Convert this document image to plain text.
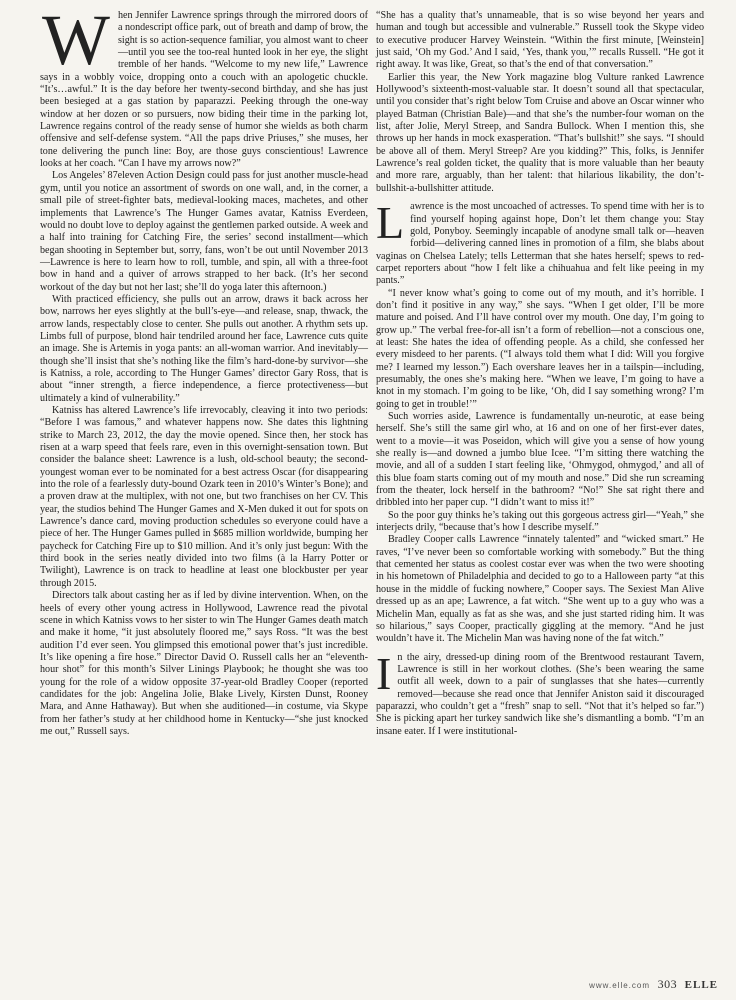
When Jennifer Lawrence springs through the mirrored doors of a nondescript office park, out of breath and damp of brow, the sight is so action-sequence familiar, you almost want to cheer—until you see the too-real hunted look in her eye, the slight tremble of her hands. “Welcome to my new life,” Lawrence says in a wobbly voice, dropping onto a couch with an apologetic chuckle. “It’s…awful.” It is the day before her twenty-second birthday, and she has just been besieged at a gas station by paparazzi. Peeking through the one-way window at her dozen or so pursuers, now biding their time in the parking lot, Lawrence regains control of the ready sense of humor she wields as both charm offensive and self-defense system. “All the paps drive Priuses,” she muses, her tone delivering the punch line: Boy, are those guys conscientious! Lawrence looks at her coach. “Can I have my arrows now?”

Los Angeles’ 87eleven Action Design could pass for just another muscle-head gym, until you notice an assortment of swords on one wall, and, in the corner, a small pile of street-fighter bats, medieval-looking maces, machetes, and other implements that Lawrence’s The Hunger Games avatar, Katniss Everdeen, would no doubt love to deploy against the gentlemen parked outside. A week and a half into training for Catching Fire, the series’ second installment—which began shooting in September but, sorry, fans, won’t be out until November 2013—Lawrence is here to learn how to roll, tumble, and spin, all with a three-foot bow in hand and a quiver of arrows strapped to her back. (It’s her second workout of the day but not her last; she’ll do yoga later this afternoon.)

With practiced efficiency, she pulls out an arrow, draws it back across her bow, narrows her eyes slightly at the bull’s-eye—and release, snap, thwack, the arrow lands, respectably close to center. She pulls out another. A rhythm sets up. Limbs full of purpose, blond hair tendriled around her face, Lawrence cuts quite an image. She is Artemis in yoga pants: an all-woman warrior. And inevitably—though she’ll insist that she’s nothing like the film’s hard-done-by survivor—she is Katniss, a role, according to The Hunger Games’ director Gary Ross, that is about “inner strength, a fierce independence, a fierce protectiveness—but ultimately a kind of vulnerability.”

Katniss has altered Lawrence’s life irrevocably, cleaving it into two periods: “Before I was famous,” and whatever happens now. She dates this lightning strike to March 23, 2012, the day the movie opened. Since then, her stock has risen at a warp speed that feels rare, even in this overnight-sensation town. But consider the balance sheet: Lawrence is a lush, old-school beauty; the second-youngest woman ever to be nominated for a best actress Oscar (for disappearing into the role of a fearlessly duty-bound Ozark teen in 2010’s Winter’s Bone); and a proven draw at the multiplex, with not one, but two franchises on her CV. This year, the studios behind The Hunger Games and X-Men duked it out for spots on Lawrence’s dance card, moving production schedules so everyone could have a piece of her. The Hunger Games pulled in $685 million worldwide, bumping her paycheck for Catching Fire up to $10 million. And it’s only just begun: With the third book in the series neatly divided into two films (à la Harry Potter or Twilight), Lawrence is on track to headline at least one blockbuster per year through 2015.

Directors talk about casting her as if led by divine intervention. When, on the heels of every other young actress in Hollywood, Lawrence read the pivotal scene in which Katniss vows to her sister to win The Hunger Games death match and make it home, “it just absolutely floored me,” says Ross. “It was the best audition I’d ever seen. You glimpsed this emotional power that’s just incredible. It’s like opening a fire hose.” Director David O. Russell calls her an “eleventh-hour shot” for this month’s Silver Linings Playbook; he thought she was too young for the role of a widow opposite 37-year-old Bradley Cooper (reported candidates for the job: Angelina Jolie, Blake Lively, Kirsten Dunst, Rooney Mara, and Anne Hathaway). But when she auditioned—in costume, via Skype from her father’s study at her childhood home in Kentucky—“she just knocked me out,” Russell says.

“She has a quality that’s unnameable, that is so wise beyond her years and human and tough but accessible and vulnerable.” Russell took the Skype video to executive producer Harvey Weinstein. “Within the first minute, [Weinstein] just said, ‘Oh my God.’ And I said, ‘Yes, thank you,’” recalls Russell. “He got it right away. It was like, Great, so that’s the end of that conversation.”

Earlier this year, the New York magazine blog Vulture ranked Lawrence Hollywood’s sixteenth-most-valuable star. It doesn’t sound all that spectacular, until you consider that’s right below Tom Cruise and above an Oscar winner who played Batman (Christian Bale)—and that she’s the number-four woman on the list, after Jolie, Meryl Streep, and Sandra Bullock. When I mention this, she throws up her hands in mock exasperation. “That’s bullshit!” she says. “I should be above all of them. Meryl Streep? Are you kidding?” This, folks, is Jennifer Lawrence’s real golden ticket, the quality that is more valuable than her beauty and more rare, arguably, than her talent: that hilarious likability, the don’t-bullshit-a-bullshitter attitude.

Lawrence is the most uncoached of actresses. To spend time with her is to find yourself hoping against hope, Don’t let them change you: Stay gold, Ponyboy. Seemingly incapable of anodyne small talk or—heaven forbid—delivering canned lines in promotion of a film, she blabs about vaginas on Chelsea Lately; tells Letterman that she hates herself; spews to red-carpet reporters about “how I felt like a chihuahua and felt like peeing in my pants.”

“I never know what’s going to come out of my mouth, and it’s horrible. I don’t find it positive in any way,” she says. “When I get older, I’ll be more mature and poised. And I’ll have control over my mouth. One day, I’m going to grow up.” The verbal free-for-all isn’t a form of rebellion—not a conscious one, at least: She hates the idea of offending people. As a child, she confessed her every misdeed to her parents. (“I always told them what I did: Will you forgive me? I learned my lesson.”) Each overshare leaves her in a tailspin—including, presumably, the ones she’s making here. “When we leave, I’m going to have a knot in my stomach. I’m going to be like, ‘Oh, did I say something wrong? I’m going to get in trouble!’”

Such worries aside, Lawrence is fundamentally un-neurotic, at ease being herself. She’s still the same girl who, at 16 and on one of her first-ever dates, went to a movie—it was Poseidon, which will give you a sense of how young she really is—and downed a jumbo blue Icee. “I’m sitting there watching the movie, and all of a sudden I start feeling like, ‘Ohmygod, ohmygod,’ and all of this blue foam starts coming out of my mouth and nose.” Did she run screaming from the theater, lock herself in the bathroom? “No!” She sat right there and dribbled into her paper cup. “I didn’t want to miss it!”

So the poor guy thinks he’s taking out this gorgeous actress girl—“Yeah,” she interjects drily, “because that’s how I describe myself.”

Bradley Cooper calls Lawrence “innately talented” and “wicked smart.” He raves, “I’ve never been so comfortable working with somebody.” But the thing that cemented her status as coolest costar ever was when the two were shooting in his hometown of Philadelphia and decided to go to a Halloween party “at this house in the middle of fucking nowhere,” Cooper says. The Sexiest Man Alive dressed up as an ape; Lawrence, a fat witch. “She went up to a guy who was a Michelin Man, equally as fat as she was, and she just started riding him. It was so hilarious,” says Cooper, practically giggling at the memory. “And he just wouldn’t have it. The Michelin Man was having none of the fat witch.”

In the airy, dressed-up dining room of the Brentwood restaurant Tavern, Lawrence is still in her workout clothes. (She’s been wearing the same outfit all week, down to a pair of sunglasses that she hates—currently removed—because she read once that Jennifer Aniston said it discouraged paparazzi, who couldn’t get a “fresh” snap to sell. “Not that it’s helped so far.”) She is picking apart her turkey sandwich like she’s dismantling a bomb. “I’m an insane eater. If I were institutional-

www.elle.com 303 ELLE
